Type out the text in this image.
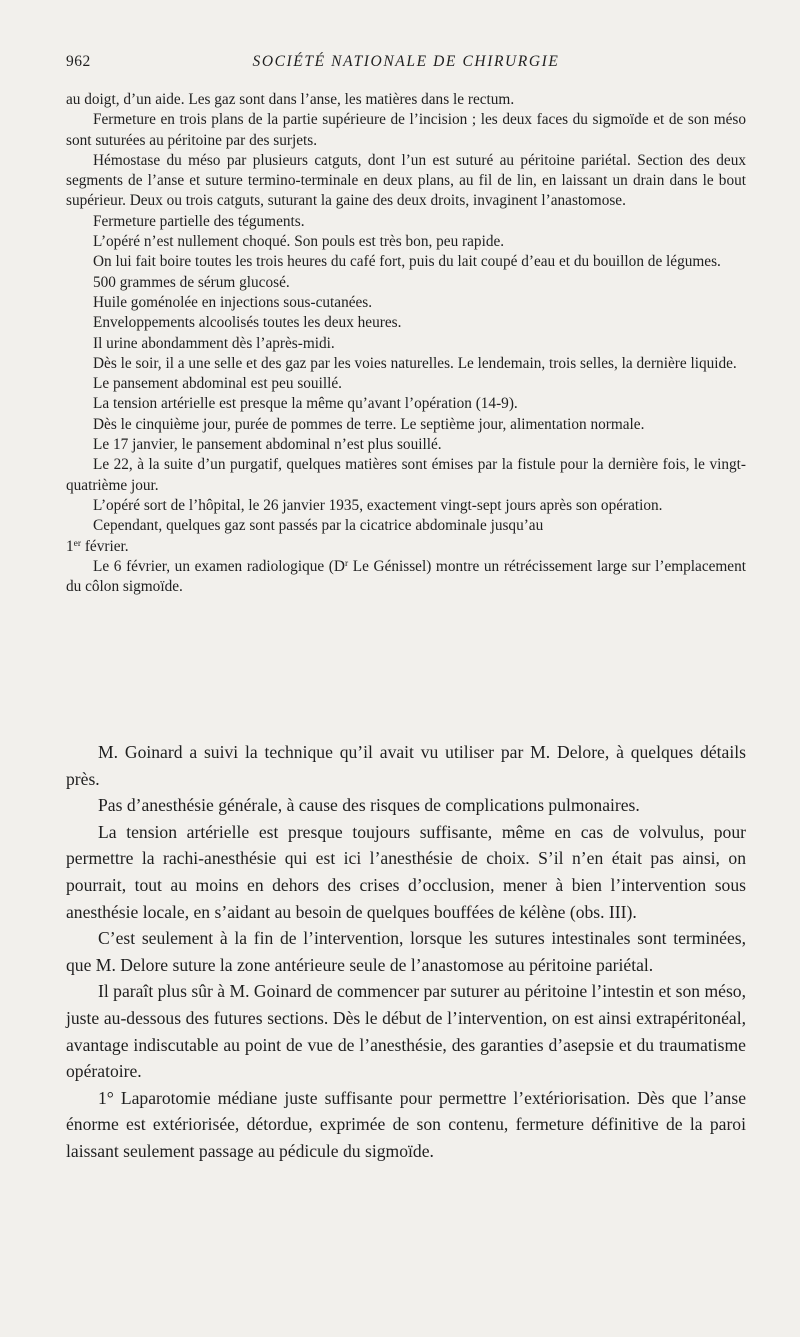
962	SOCIÉTÉ NATIONALE DE CHIRURGIE

au doigt, d’un aide. Les gaz sont dans l’anse, les matières dans le rectum.

Fermeture en trois plans de la partie supérieure de l’incision ; les deux faces du sigmoïde et de son méso sont suturées au péritoine par des surjets.

Hémostase du méso par plusieurs catguts, dont l’un est suturé au péritoine pariétal. Section des deux segments de l’anse et suture termino-terminale en deux plans, au fil de lin, en laissant un drain dans le bout supérieur. Deux ou trois catguts, suturant la gaine des deux droits, invaginent l’anastomose.

Fermeture partielle des téguments.

L’opéré n’est nullement choqué. Son pouls est très bon, peu rapide.

On lui fait boire toutes les trois heures du café fort, puis du lait coupé d’eau et du bouillon de légumes.

500 grammes de sérum glucosé.

Huile goménolée en injections sous-cutanées.

Enveloppements alcoolisés toutes les deux heures.

Il urine abondamment dès l’après-midi.

Dès le soir, il a une selle et des gaz par les voies naturelles. Le lendemain, trois selles, la dernière liquide.

Le pansement abdominal est peu souillé.

La tension artérielle est presque la même qu’avant l’opération (14-9).

Dès le cinquième jour, purée de pommes de terre. Le septième jour, alimentation normale.

Le 17 janvier, le pansement abdominal n’est plus souillé.

Le 22, à la suite d’un purgatif, quelques matières sont émises par la fistule pour la dernière fois, le vingt-quatrième jour.

L’opéré sort de l’hôpital, le 26 janvier 1935, exactement vingt-sept jours après son opération.

Cependant, quelques gaz sont passés par la cicatrice abdominale jusqu’au

1er février.

Le 6 février, un examen radiologique ($D^r$ Le Génissel) montre un rétrécissement large sur l’emplacement du côlon sigmoïde.

M. Goinard a suivi la technique qu’il avait vu utiliser par M. Delore, à quelques détails près.

Pas d’anesthésie générale, à cause des risques de complications pulmonaires.

La tension artérielle est presque toujours suffisante, même en cas de volvulus, pour permettre la rachi-anesthésie qui est ici l’anesthésie de choix. S’il n’en était pas ainsi, on pourrait, tout au moins en dehors des crises d’occlusion, mener à bien l’intervention sous anesthésie locale, en s’aidant au besoin de quelques bouffées de kélène (obs. III).

C’est seulement à la fin de l’intervention, lorsque les sutures intestinales sont terminées, que M. Delore suture la zone antérieure seule de l’anastomose au péritoine pariétal.

Il paraît plus sûr à M. Goinard de commencer par suturer au péritoine l’intestin et son méso, juste au-dessous des futures sections. Dès le début de l’intervention, on est ainsi extrapéritonéal, avantage indiscutable au point de vue de l’anesthésie, des garanties d’asepsie et du traumatisme opératoire.

1° Laparotomie médiane juste suffisante pour permettre l’extériorisation. Dès que l’anse énorme est extériorisée, détordue, exprimée de son contenu, fermeture définitive de la paroi laissant seulement passage au pédicule du sigmoïde.
